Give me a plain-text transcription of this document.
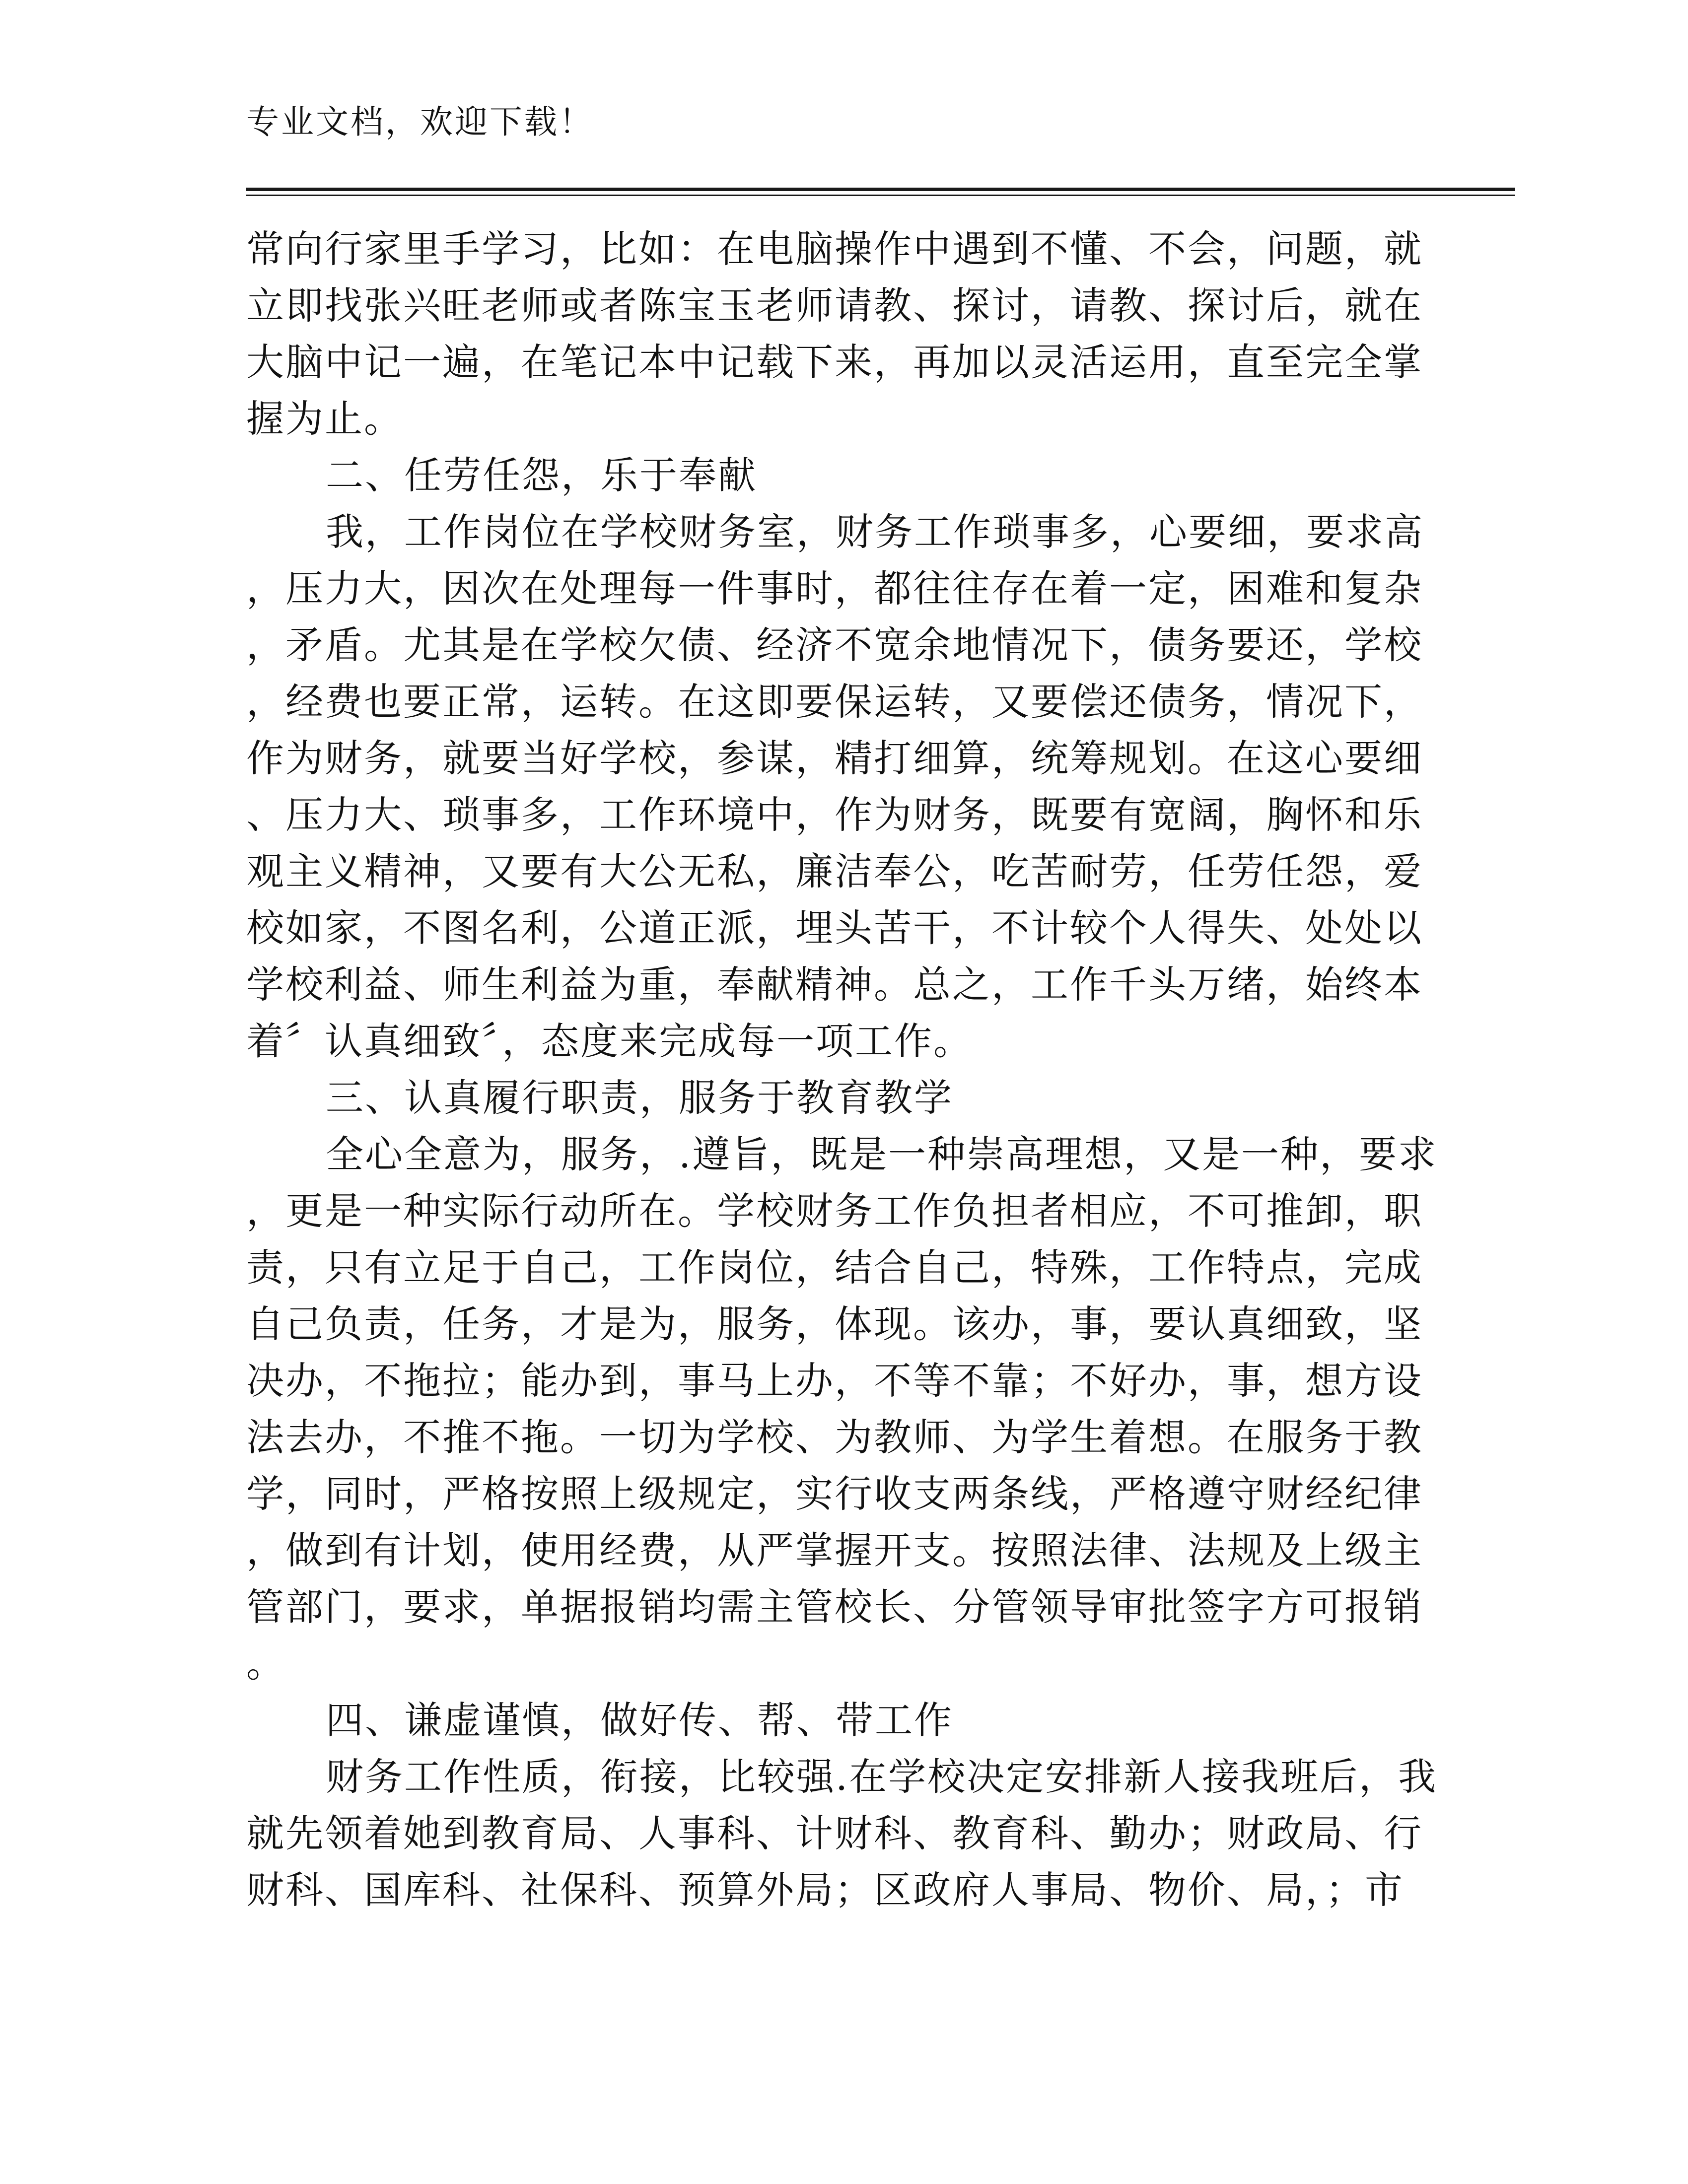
专业文档，欢迎下载！
常向行家里手学习，比如：在电脑操作中遇到不懂、不会，问题，就
立即找张兴旺老师或者陈宝玉老师请教、探讨，请教、探讨后，就在
大脑中记一遍，在笔记本中记载下来，再加以灵活运用，直至完全掌
握为止。
二、任劳任怨，乐于奉献
我，工作岗位在学校财务室，财务工作琐事多，心要细，要求高
，压力大，因次在处理每一件事时，都往往存在着一定，困难和复杂
，矛盾。尤其是在学校欠债、经济不宽余地情况下，债务要还，学校
，经费也要正常，运转。在这即要保运转，又要偿还债务，情况下，
作为财务，就要当好学校，参谋，精打细算，统筹规划。在这心要细
、压力大、琐事多，工作环境中，作为财务，既要有宽阔，胸怀和乐
观主义精神，又要有大公无私，廉洁奉公，吃苦耐劳，任劳任怨，爱
校如家，不图名利，公道正派，埋头苦干，不计较个人得失、处处以
学校利益、师生利益为重，奉献精神。总之，工作千头万绪，始终本
着〞认真细致〞，态度来完成每一项工作。
三、认真履行职责，服务于教育教学
全心全意为，服务，.遵旨，既是一种崇高理想，又是一种，要求
，更是一种实际行动所在。学校财务工作负担者相应，不可推卸，职
责，只有立足于自己，工作岗位，结合自己，特殊，工作特点，完成
自己负责，任务，才是为，服务，体现。该办，事，要认真细致，坚
决办，不拖拉；能办到，事马上办，不等不靠；不好办，事，想方设
法去办，不推不拖。一切为学校、为教师、为学生着想。在服务于教
学，同时，严格按照上级规定，实行收支两条线，严格遵守财经纪律
，做到有计划，使用经费，从严掌握开支。按照法律、法规及上级主
管部门，要求，单据报销均需主管校长、分管领导审批签字方可报销
。
四、谦虚谨慎，做好传、帮、带工作
财务工作性质，衔接，比较强.在学校决定安排新人接我班后，我
就先领着她到教育局、人事科、计财科、教育科、勤办；财政局、行
财科、国库科、社保科、预算外局；区政府人事局、物价、局，；市
